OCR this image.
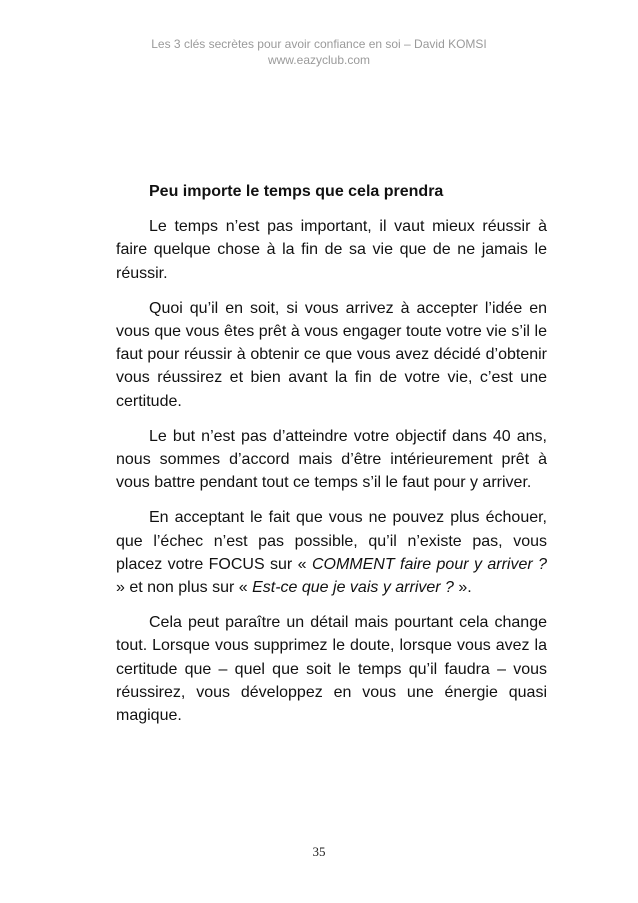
Les 3 clés secrètes pour avoir confiance en soi – David KOMSI
www.eazyclub.com
Peu importe le temps que cela prendra

Le temps n’est pas important, il vaut mieux réussir à faire quelque chose à la fin de sa vie que de ne jamais le réussir.

Quoi qu’il en soit, si vous arrivez à accepter l’idée en vous que vous êtes prêt à vous engager toute votre vie s’il le faut pour réussir à obtenir ce que vous avez décidé d’obtenir vous réussirez et bien avant la fin de votre vie, c’est une certitude.

Le but n’est pas d’atteindre votre objectif dans 40 ans, nous sommes d’accord mais d’être intérieurement prêt à vous battre pendant tout ce temps s’il le faut pour y arriver.

En acceptant le fait que vous ne pouvez plus échouer, que l’échec n’est pas possible, qu’il n’existe pas, vous placez votre FOCUS sur « COMMENT faire pour y arriver ? » et non plus sur « Est-ce que je vais y arriver ? ».

Cela peut paraître un détail mais pourtant cela change tout. Lorsque vous supprimez le doute, lorsque vous avez la certitude que – quel que soit le temps qu’il faudra – vous réussirez, vous développez en vous une énergie quasi magique.

35
